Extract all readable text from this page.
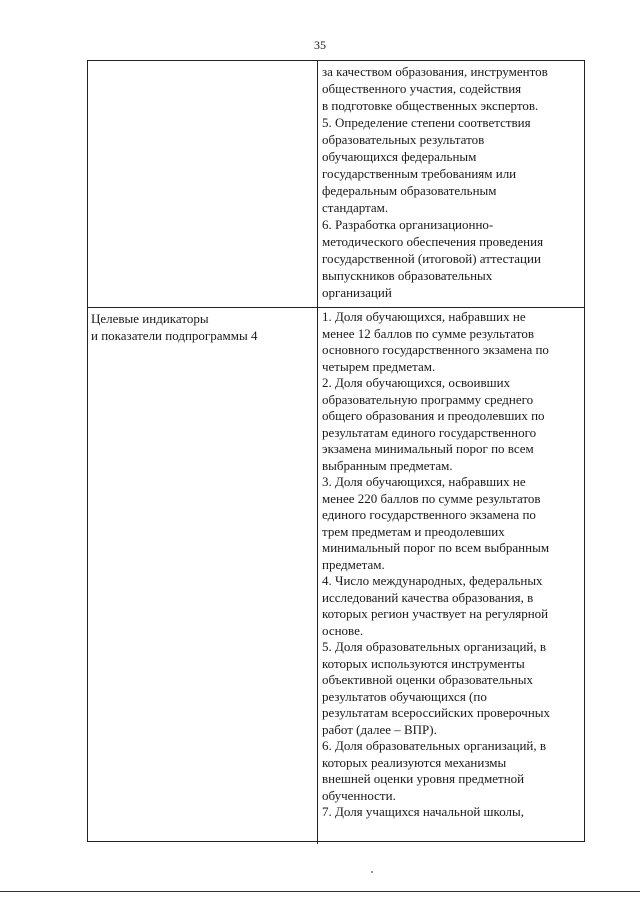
35
за качеством образования, инструментов
общественного участия, содействия
в подготовке общественных экспертов.
5. Определение степени соответствия
образовательных результатов
обучающихся федеральным
государственным требованиям или
федеральным образовательным
стандартам.
6. Разработка организационно-
методического обеспечения проведения
государственной (итоговой) аттестации
выпускников образовательных
организаций
Целевые индикаторы
и показатели подпрограммы 4
1. Доля обучающихся, набравших не
менее 12 баллов по сумме результатов
основного государственного экзамена по
четырем предметам.
2. Доля обучающихся, освоивших
образовательную программу среднего
общего образования и преодолевших по
результатам единого государственного
экзамена минимальный порог по всем
выбранным предметам.
3. Доля обучающихся, набравших не
менее 220 баллов по сумме результатов
единого государственного экзамена по
трем предметам и преодолевших
минимальный порог по всем выбранным
предметам.
4. Число международных, федеральных
исследований качества образования, в
которых регион участвует на регулярной
основе.
5. Доля образовательных организаций, в
которых используются инструменты
объективной оценки образовательных
результатов обучающихся (по
результатам всероссийских проверочных
работ (далее – ВПР).
6. Доля образовательных организаций, в
которых реализуются механизмы
внешней оценки уровня предметной
обученности.
7. Доля учащихся начальной школы,
